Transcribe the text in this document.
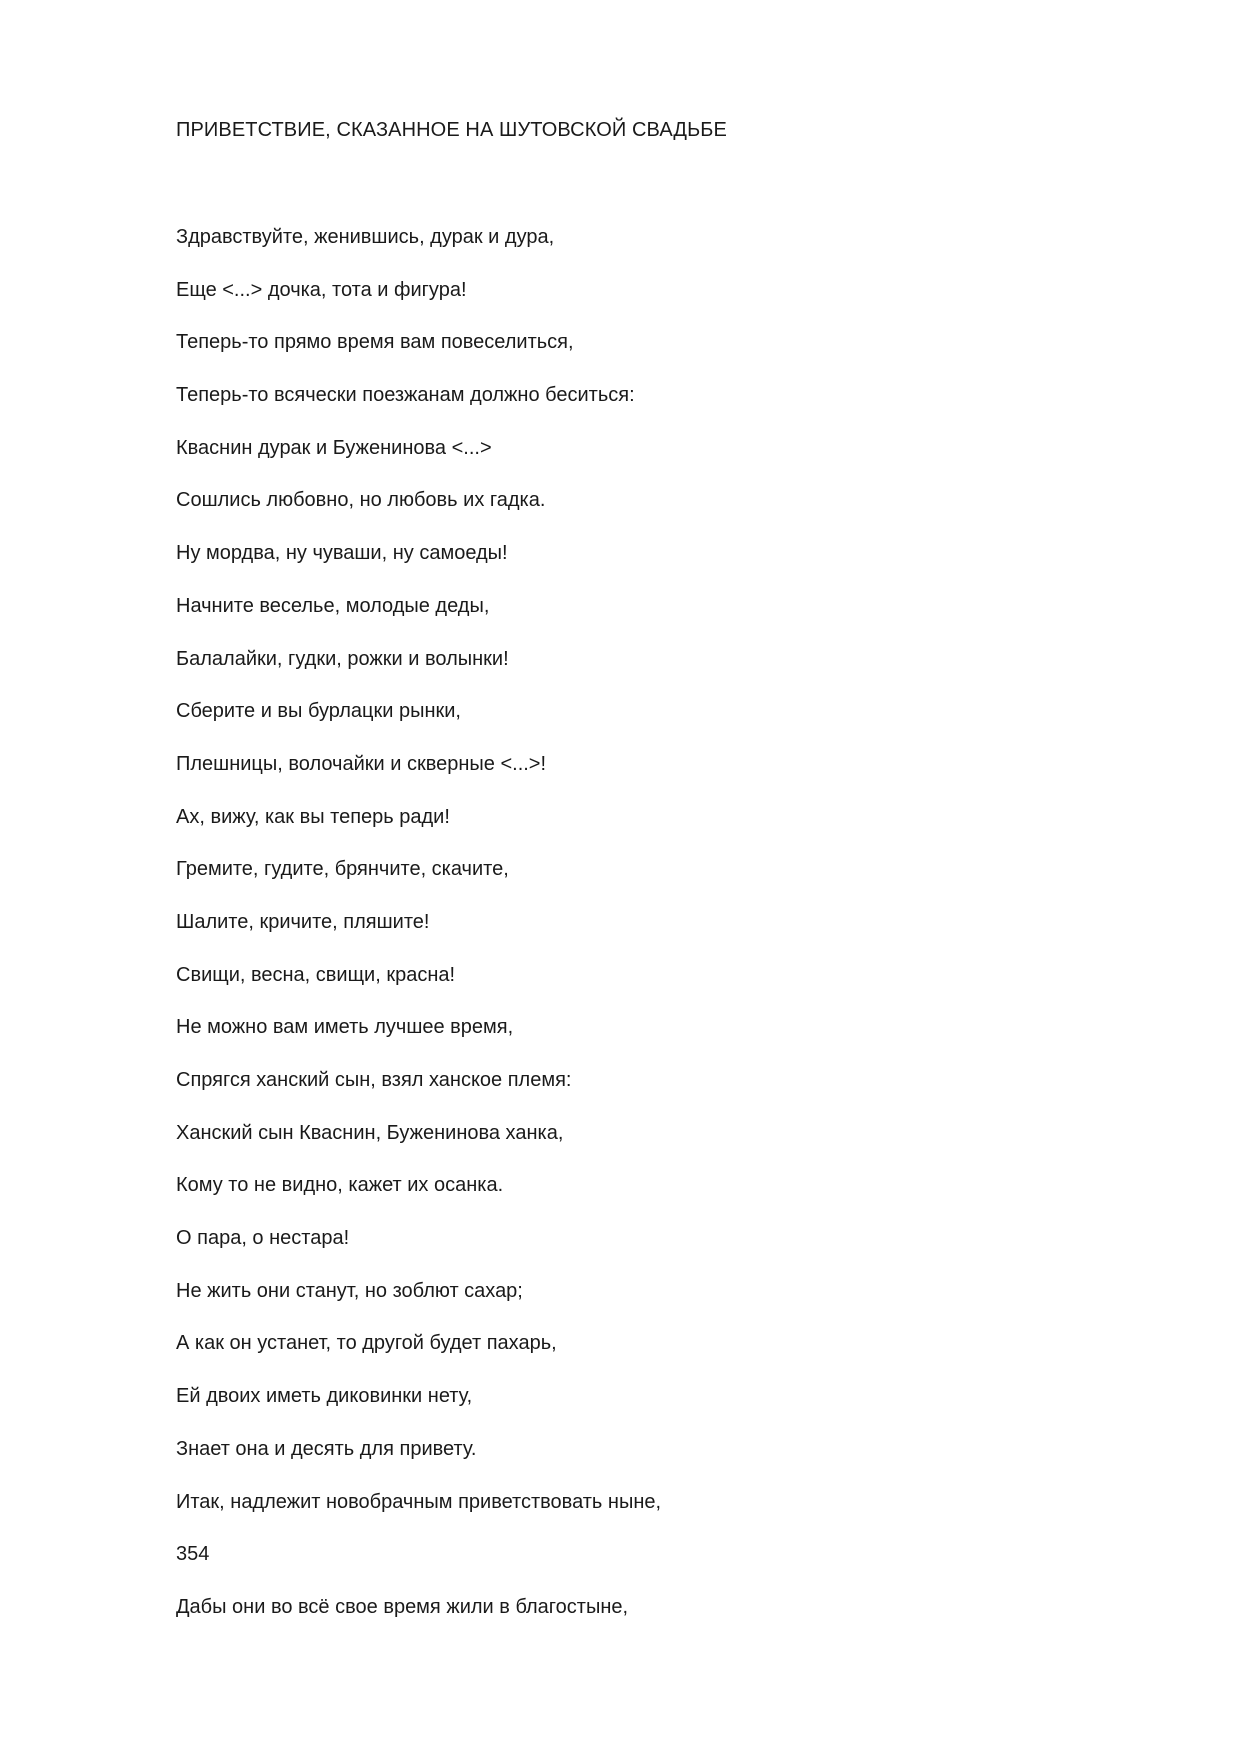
ПРИВЕТСТВИЕ, СКАЗАННОЕ НА ШУТОВСКОЙ СВАДЬБЕ
Здравствуйте, женившись, дурак и дура,
Еще <...> дочка, тота и фигура!
Теперь-то прямо время вам повеселиться,
Теперь-то всячески поезжанам должно беситься:
Кваснин дурак и Буженинова <...>
Сошлись любовно, но любовь их гадка.
Ну мордва, ну чуваши, ну самоеды!
Начните веселье, молодые деды,
Балалайки, гудки, рожки и волынки!
Сберите и вы бурлацки рынки,
Плешницы, волочайки и скверные <...>!
Ах, вижу, как вы теперь ради!
Гремите, гудите, брянчите, скачите,
Шалите, кричите, пляшите!
Свищи, весна, свищи, красна!
Не можно вам иметь лучшее время,
Спрягся ханский сын, взял ханское племя:
Ханский сын Кваснин, Буженинова ханка,
Кому то не видно, кажет их осанка.
О пара, о нестара!
Не жить они станут, но зоблют сахар;
А как он устанет, то другой будет пахарь,
Ей двоих иметь диковинки нету,
Знает она и десять для привету.
Итак, надлежит новобрачным приветствовать ныне,
354
Дабы они во всё свое время жили в благостыне,
